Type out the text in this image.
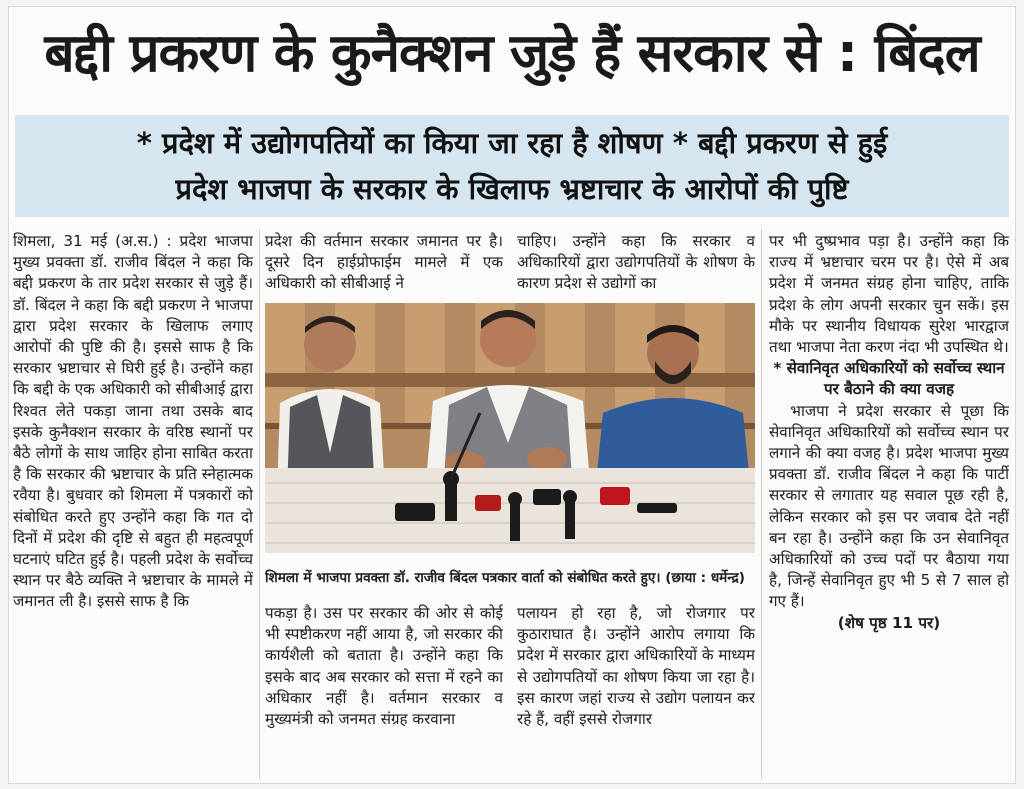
बद्दी प्रकरण के कुनैक्शन जुड़े हैं सरकार से : बिंदल
* प्रदेश में उद्योगपतियों का किया जा रहा है शोषण * बद्दी प्रकरण से हुई
प्रदेश भाजपा के सरकार के खिलाफ भ्रष्टाचार के आरोपों की पुष्टि

शिमला, 31 मई (अ.स.) : प्रदेश भाजपा मुख्य प्रवक्ता डॉ. राजीव बिंदल ने कहा कि बद्दी प्रकरण के तार प्रदेश सरकार से जुड़े हैं। डॉ. बिंदल ने कहा कि बद्दी प्रकरण ने भाजपा द्वारा प्रदेश सरकार के खिलाफ लगाए आरोपों की पुष्टि की है। इससे साफ है कि सरकार भ्रष्टाचार से घिरी हुई है। उन्होंने कहा कि बद्दी के एक अधिकारी को सीबीआई द्वारा रिश्वत लेते पकड़ा जाना तथा उसके बाद इसके कुनैक्शन सरकार के वरिष्ठ स्थानों पर बैठे लोगों के साथ जाहिर होना साबित करता है कि सरकार की भ्रष्टाचार के प्रति स्नेहात्मक रवैया है। बुधवार को शिमला में पत्रकारों को संबोधित करते हुए उन्होंने कहा कि गत दो दिनों में प्रदेश की दृष्टि से बहुत ही महत्वपूर्ण घटनाएं घटित हुई है। पहली प्रदेश के सर्वोच्च स्थान पर बैठे व्यक्ति ने भ्रष्टाचार के मामले में जमानत ली है। इससे साफ है कि

प्रदेश की वर्तमान सरकार जमानत पर है। दूसरे दिन हाईप्रोफाईम मामले में एक अधिकारी को सीबीआई ने

चाहिए। उन्होंने कहा कि सरकार व अधिकारियों द्वारा उद्योगपतियों के शोषण के कारण प्रदेश से उद्योगों का

शिमला में भाजपा प्रवक्ता डॉ. राजीव बिंदल पत्रकार वार्ता को संबोधित करते हुए। (छाया : धर्मेन्द्र)

पकड़ा है। उस पर सरकार की ओर से कोई भी स्पष्टीकरण नहीं आया है, जो सरकार की कार्यशैली को बताता है। उन्होंने कहा कि इसके बाद अब सरकार को सत्ता में रहने का अधिकार नहीं है। वर्तमान सरकार व मुख्यमंत्री को जनमत संग्रह करवाना

पलायन हो रहा है, जो रोजगार पर कुठाराघात है। उन्होंने आरोप लगाया कि प्रदेश में सरकार द्वारा अधिकारियों के माध्यम से उद्योगपतियों का शोषण किया जा रहा है। इस कारण जहां राज्य से उद्योग पलायन कर रहे हैं, वहीं इससे रोजगार

पर भी दुष्प्रभाव पड़ा है। उन्होंने कहा कि राज्य में भ्रष्टाचार चरम पर है। ऐसे में अब प्रदेश में जनमत संग्रह होना चाहिए, ताकि प्रदेश के लोग अपनी सरकार चुन सकें। इस मौके पर स्थानीय विधायक सुरेश भारद्वाज तथा भाजपा नेता करण नंदा भी उपस्थित थे।

* सेवानिवृत अधिकारियों को सर्वोच्च स्थान पर बैठाने की क्या वजह

भाजपा ने प्रदेश सरकार से पूछा कि सेवानिवृत अधिकारियों को सर्वोच्च स्थान पर लगाने की क्या वजह है। प्रदेश भाजपा मुख्य प्रवक्ता डॉ. राजीव बिंदल ने कहा कि पार्टी सरकार से लगातार यह सवाल पूछ रही है, लेकिन सरकार को इस पर जवाब देते नहीं बन रहा है। उन्होंने कहा कि उन सेवानिवृत अधिकारियों को उच्च पदों पर बैठाया गया है, जिन्हें सेवानिवृत हुए भी 5 से 7 साल हो गए हैं।

(शेष पृष्ठ 11 पर)
